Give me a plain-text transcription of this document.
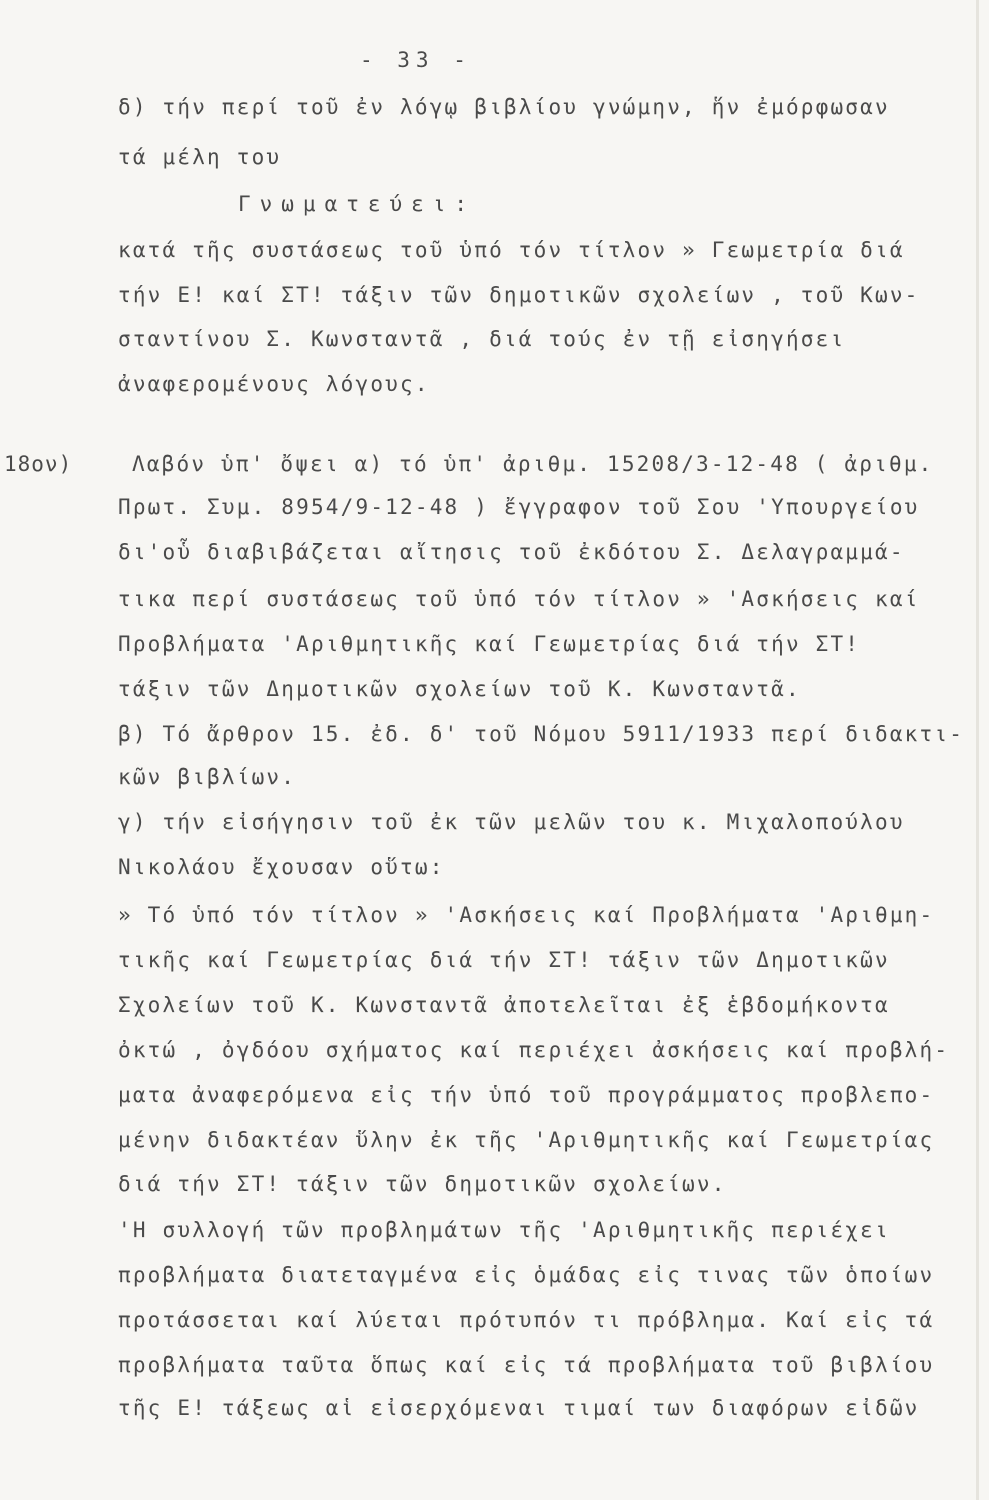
- 33 -
18ον)
δ) τήν περί τοῦ ἐν λόγῳ βιβλίου γνώμην, ἥν ἐμόρφωσαν
τά μέλη του
Γνωματεύει:
κατά τῆς συστάσεως τοῦ ὑπό τόν τίτλον » Γεωμετρία διά
τήν Ε! καί ΣΤ! τάξιν τῶν δημοτικῶν σχολείων , τοῦ Κων-
σταντίνου Σ. Κωνσταντᾶ , διά τούς ἐν τῇ εἰσηγήσει
ἀναφερομένους λόγους.
Λαβόν ὑπ' ὄψει α) τό ὑπ' ἀριθμ. 15208/3-12-48 ( ἀριθμ.
Πρωτ. Συμ. 8954/9-12-48 ) ἔγγραφον τοῦ Σου 'Υπουργείου
δι'οὗ διαβιβάζεται αἴτησις τοῦ ἐκδότου Σ. Δελαγραμμά-
τικα περί συστάσεως τοῦ ὑπό τόν τίτλον » 'Ασκήσεις καί
Προβλήματα 'Αριθμητικῆς καί Γεωμετρίας διά τήν ΣΤ!
τάξιν τῶν Δημοτικῶν σχολείων τοῦ Κ. Κωνσταντᾶ.
β) Τό ἄρθρον 15. ἐδ. δ' τοῦ Νόμου 5911/1933 περί διδακτι-
κῶν βιβλίων.
γ) τήν εἰσήγησιν τοῦ ἐκ τῶν μελῶν του κ. Μιχαλοπούλου
Νικολάου ἔχουσαν οὕτω:
» Τό ὑπό τόν τίτλον » 'Ασκήσεις καί Προβλήματα 'Αριθμη-
τικῆς καί Γεωμετρίας διά τήν ΣΤ! τάξιν τῶν Δημοτικῶν
Σχολείων τοῦ Κ. Κωνσταντᾶ ἀποτελεῖται ἐξ ἑβδομήκοντα
ὀκτώ , ὀγδόου σχήματος καί περιέχει ἀσκήσεις καί προβλή-
ματα ἀναφερόμενα εἰς τήν ὑπό τοῦ προγράμματος προβλεπο-
μένην διδακτέαν ὕλην ἐκ τῆς 'Αριθμητικῆς καί Γεωμετρίας
διά τήν ΣΤ! τάξιν τῶν δημοτικῶν σχολείων.
'Η συλλογή τῶν προβλημάτων τῆς 'Αριθμητικῆς περιέχει
προβλήματα διατεταγμένα εἰς ὁμάδας εἰς τινας τῶν ὁποίων
προτάσσεται καί λύεται πρότυπόν τι πρόβλημα. Καί εἰς τά
προβλήματα ταῦτα ὅπως καί εἰς τά προβλήματα τοῦ βιβλίου
τῆς Ε! τάξεως αἱ εἰσερχόμεναι τιμαί των διαφόρων εἰδῶν
